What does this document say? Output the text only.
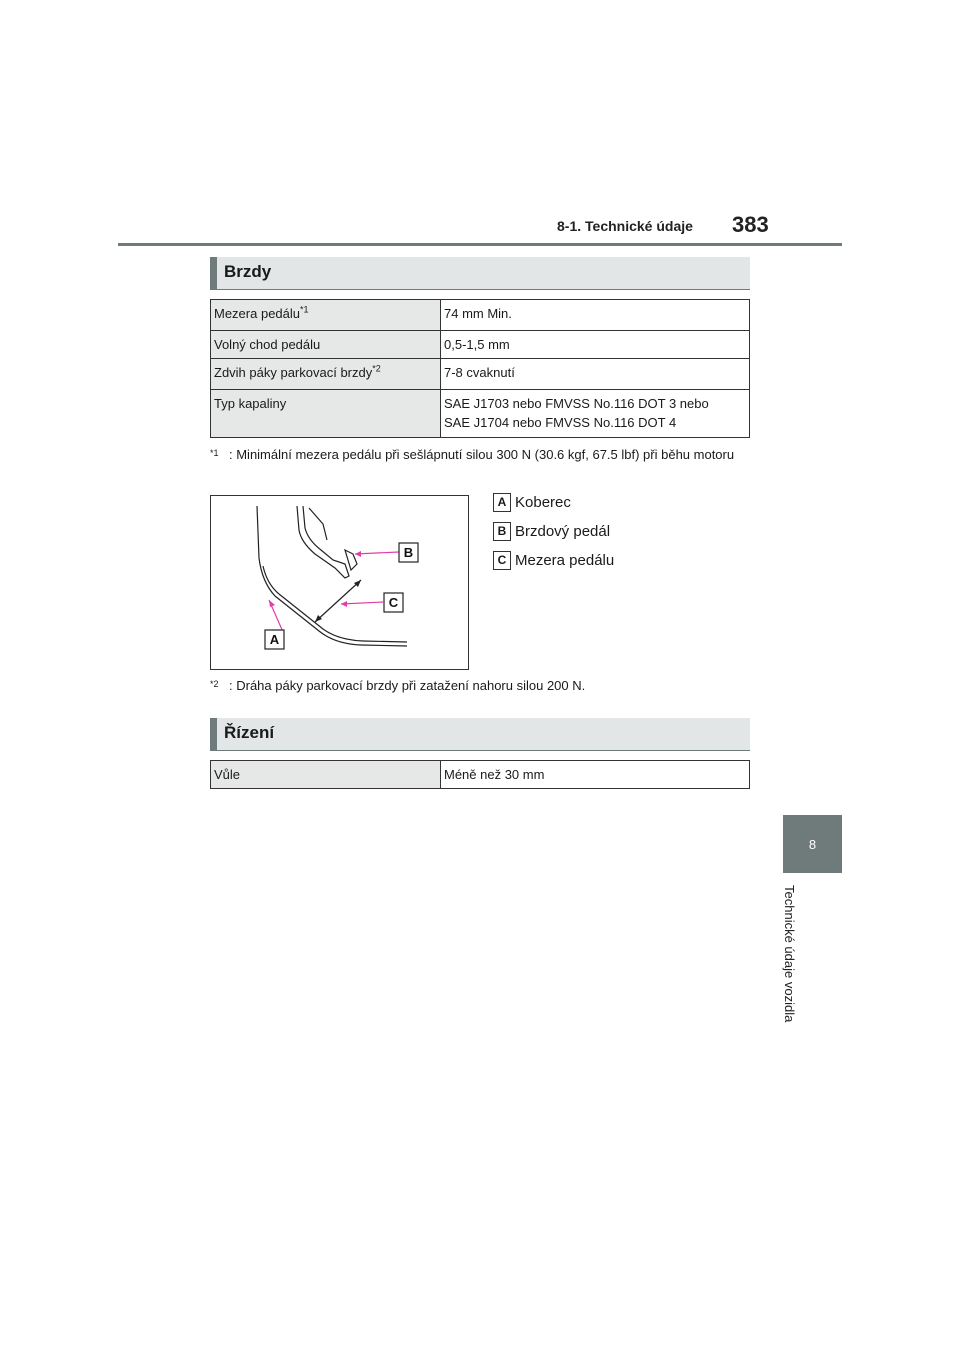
8-1. Technické údaje 383
8
Technické údaje vozidla
Brzdy
Mezera pedálu$^{*1}$	74 mm Min.
Volný chod pedálu	0,5-1,5 mm
Zdvih páky parkovací brzdy$^{*2}$	7-8 cvaknutí
Typ kapaliny	SAE J1703 nebo FMVSS No.116 DOT 3 nebo
SAE J1704 nebo FMVSS No.116 DOT 4
*1 : Minimální mezera pedálu při sešlápnutí silou 300 N (30.6 kgf, 67.5 lbf) při běhu motoru
B
C
A
A Koberec
B Brzdový pedál
C Mezera pedálu
*2 : Dráha páky parkovací brzdy při zatažení nahoru silou 200 N.
Řízení
Vůle	Méně než 30 mm
